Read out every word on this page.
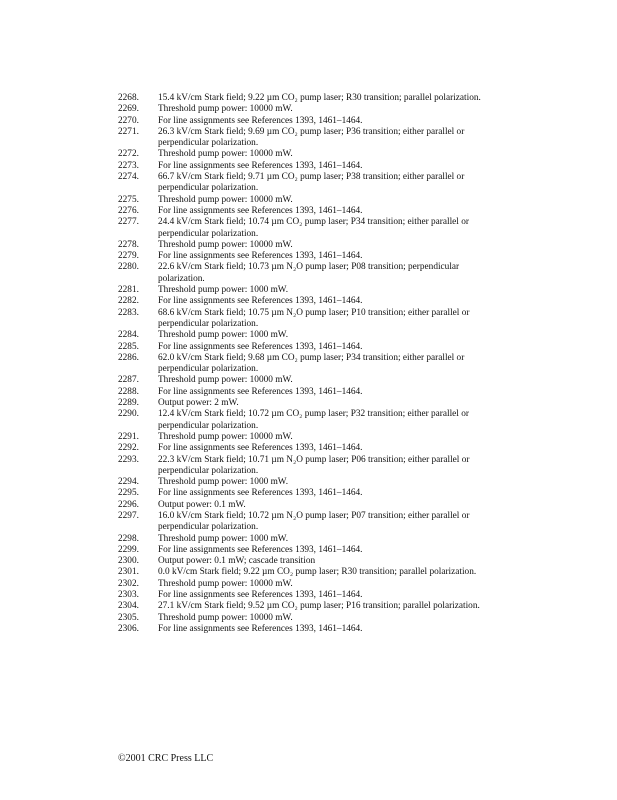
2268.	15.4 kV/cm Stark field; 9.22 µm CO₂ pump laser; R30 transition; parallel polarization.
2269.	Threshold pump power: 10000 mW.
2270.	For line assignments see References 1393, 1461–1464.
2271.	26.3 kV/cm Stark field; 9.69 µm CO₂ pump laser; P36 transition; either parallel or perpendicular polarization.
2272.	Threshold pump power: 10000 mW.
2273.	For line assignments see References 1393, 1461–1464.
2274.	66.7 kV/cm Stark field; 9.71 µm CO₂ pump laser; P38 transition; either parallel or perpendicular polarization.
2275.	Threshold pump power: 10000 mW.
2276.	For line assignments see References 1393, 1461–1464.
2277.	24.4 kV/cm Stark field; 10.74 µm CO₂ pump laser; P34 transition; either parallel or perpendicular polarization.
2278.	Threshold pump power: 10000 mW.
2279.	For line assignments see References 1393, 1461–1464.
2280.	22.6 kV/cm Stark field; 10.73 µm N₂O pump laser; P08 transition; perpendicular polarization.
2281.	Threshold pump power: 1000 mW.
2282.	For line assignments see References 1393, 1461–1464.
2283.	68.6 kV/cm Stark field; 10.75 µm N₂O pump laser; P10 transition; either parallel or perpendicular polarization.
2284.	Threshold pump power: 1000 mW.
2285.	For line assignments see References 1393, 1461–1464.
2286.	62.0 kV/cm Stark field; 9.68 µm CO₂ pump laser; P34 transition; either parallel or perpendicular polarization.
2287.	Threshold pump power: 10000 mW.
2288.	For line assignments see References 1393, 1461–1464.
2289.	Output power: 2 mW.
2290.	12.4 kV/cm Stark field; 10.72 µm CO₂ pump laser; P32 transition; either parallel or perpendicular polarization.
2291.	Threshold pump power: 10000 mW.
2292.	For line assignments see References 1393, 1461–1464.
2293.	22.3 kV/cm Stark field; 10.71 µm N₂O pump laser; P06 transition; either parallel or perpendicular polarization.
2294.	Threshold pump power: 1000 mW.
2295.	For line assignments see References 1393, 1461–1464.
2296.	Output power: 0.1 mW.
2297.	16.0 kV/cm Stark field; 10.72 µm N₂O pump laser; P07 transition; either parallel or perpendicular polarization.
2298.	Threshold pump power: 1000 mW.
2299.	For line assignments see References 1393, 1461–1464.
2300.	Output power: 0.1 mW; cascade transition
2301.	0.0 kV/cm Stark field; 9.22 µm CO₂ pump laser; R30 transition; parallel polarization.
2302.	Threshold pump power: 10000 mW.
2303.	For line assignments see References 1393, 1461–1464.
2304.	27.1 kV/cm Stark field; 9.52 µm CO₂ pump laser; P16 transition; parallel polarization.
2305.	Threshold pump power: 10000 mW.
2306.	For line assignments see References 1393, 1461–1464.
©2001 CRC Press LLC
